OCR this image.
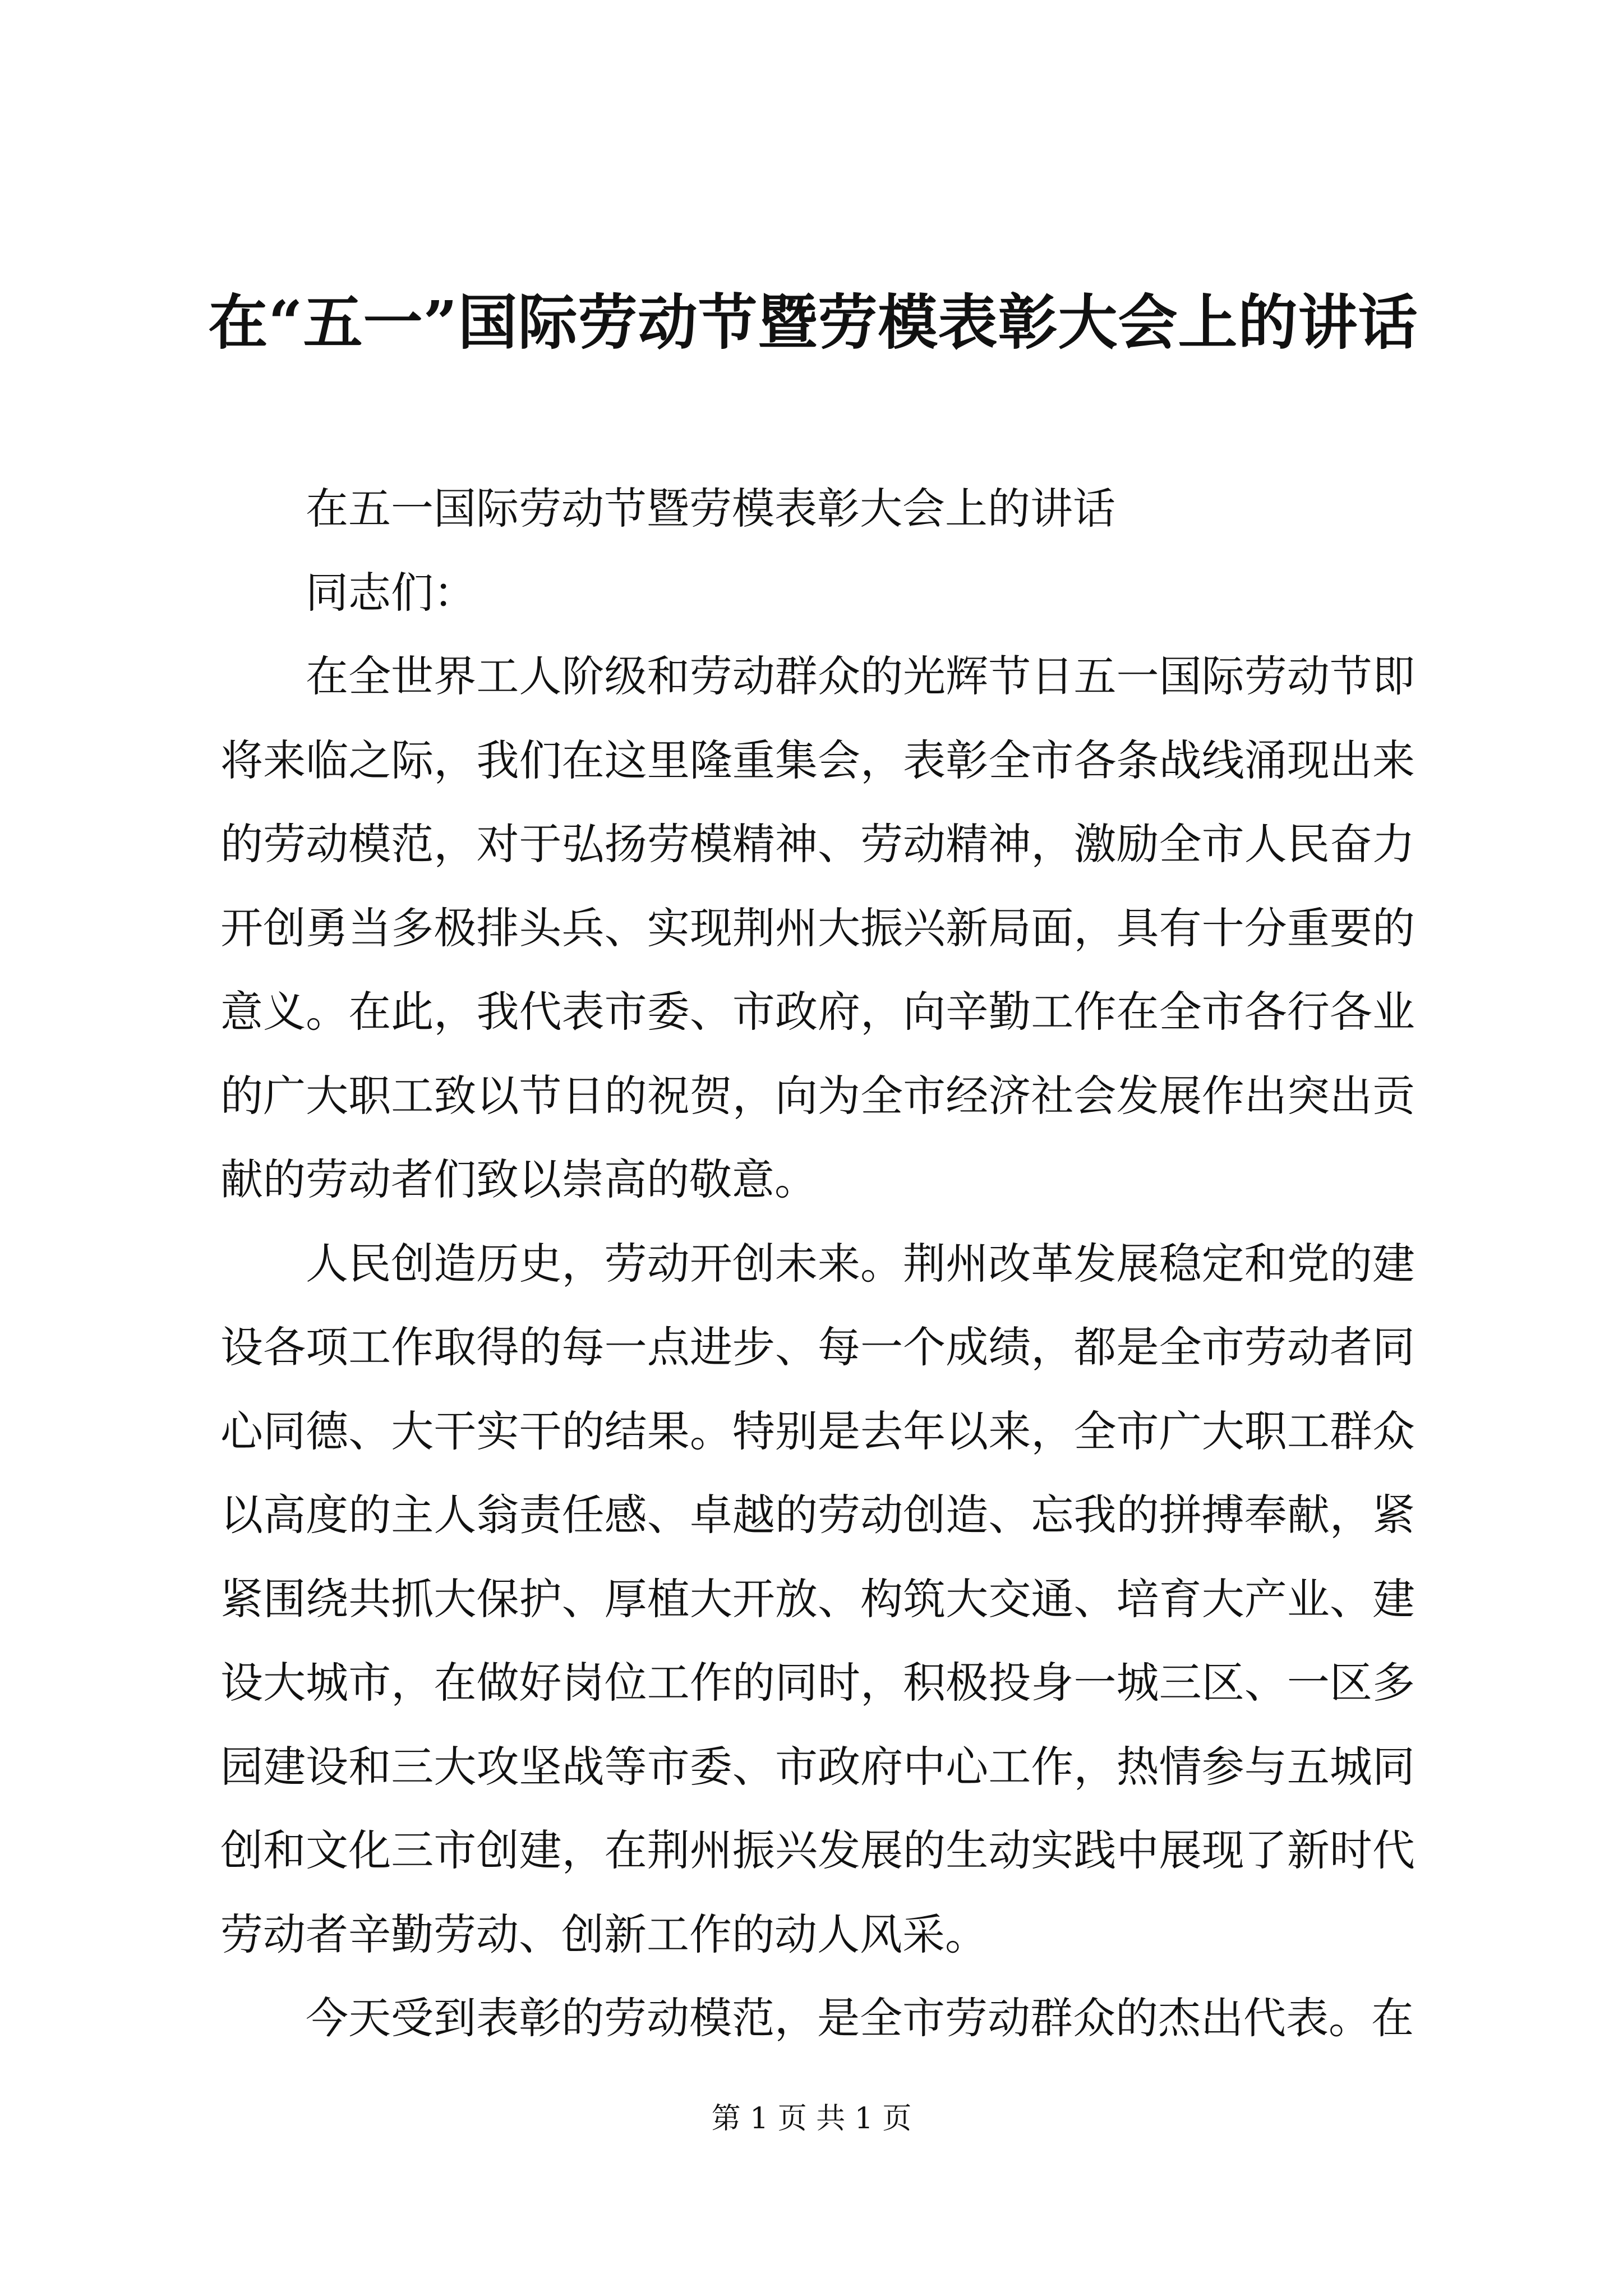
在“五一”国际劳动节暨劳模表彰大会上的讲话

在五一国际劳动节暨劳模表彰大会上的讲话

同志们：

在全世界工人阶级和劳动群众的光辉节日五一国际劳动节即将来临之际，我们在这里隆重集会，表彰全市各条战线涌现出来的劳动模范，对于弘扬劳模精神、劳动精神，激励全市人民奋力开创勇当多极排头兵、实现荆州大振兴新局面，具有十分重要的意义。在此，我代表市委、市政府，向辛勤工作在全市各行各业的广大职工致以节日的祝贺，向为全市经济社会发展作出突出贡献的劳动者们致以崇高的敬意。

人民创造历史，劳动开创未来。荆州改革发展稳定和党的建设各项工作取得的每一点进步、每一个成绩，都是全市劳动者同心同德、大干实干的结果。特别是去年以来，全市广大职工群众以高度的主人翁责任感、卓越的劳动创造、忘我的拼搏奉献，紧紧围绕共抓大保护、厚植大开放、构筑大交通、培育大产业、建设大城市，在做好岗位工作的同时，积极投身一城三区、一区多园建设和三大攻坚战等市委、市政府中心工作，热情参与五城同创和文化三市创建，在荆州振兴发展的生动实践中展现了新时代劳动者辛勤劳动、创新工作的动人风采。

今天受到表彰的劳动模范，是全市劳动群众的杰出代表。在

第 1 页 共 1 页
